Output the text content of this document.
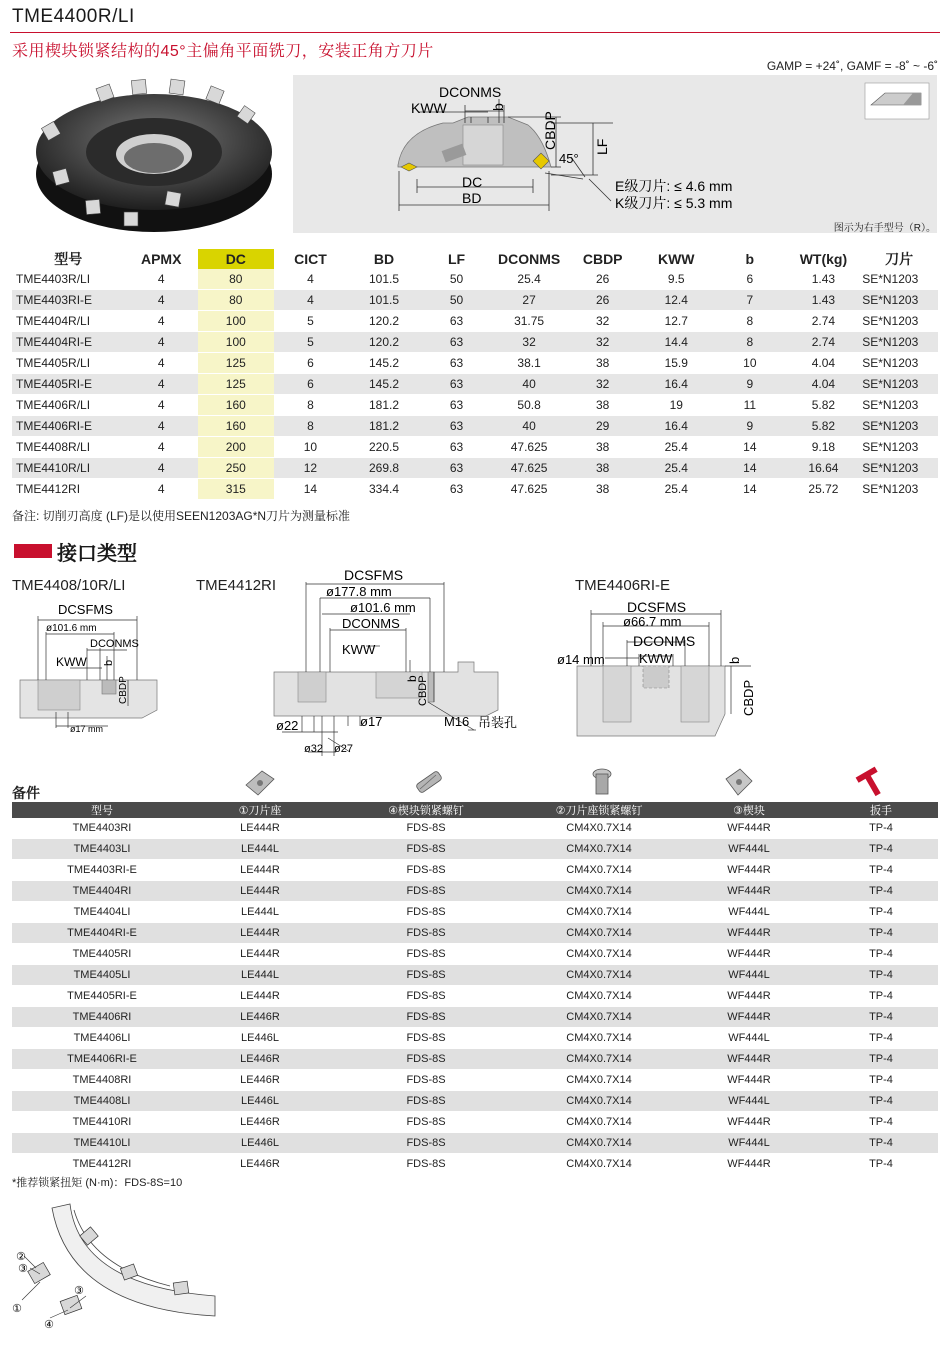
TME4400R/LI
采用楔块锁紧结构的45°主偏角平面铣刀，安装正角方刀片
GAMP = +24˚, GAMF = -8˚ ~ -6˚
DCONMS
KWW	b
CBDP	LF
45°
DC
BD
E级刀片: ≤ 4.6 mm
K级刀片: ≤ 5.3 mm
图示为右手型号（R）。
型号	APMX	DC	CICT	BD	LF	DCONMS	CBDP	KWW	b	WT(kg)	刀片
TME4403R/LI	4	80	4	101.5	50	25.4	26	9.5	6	1.43	SE*N1203
TME4403RI-E	4	80	4	101.5	50	27	26	12.4	7	1.43	SE*N1203
TME4404R/LI	4	100	5	120.2	63	31.75	32	12.7	8	2.74	SE*N1203
TME4404RI-E	4	100	5	120.2	63	32	32	14.4	8	2.74	SE*N1203
TME4405R/LI	4	125	6	145.2	63	38.1	38	15.9	10	4.04	SE*N1203
TME4405RI-E	4	125	6	145.2	63	40	32	16.4	9	4.04	SE*N1203
TME4406R/LI	4	160	8	181.2	63	50.8	38	19	11	5.82	SE*N1203
TME4406RI-E	4	160	8	181.2	63	40	29	16.4	9	5.82	SE*N1203
TME4408R/LI	4	200	10	220.5	63	47.625	38	25.4	14	9.18	SE*N1203
TME4410R/LI	4	250	12	269.8	63	47.625	38	25.4	14	16.64	SE*N1203
TME4412RI	4	315	14	334.4	63	47.625	38	25.4	14	25.72	SE*N1203
备注: 切削刃高度 (LF)是以使用SEEN1203AG*N刀片为测量标准
接口类型
TME4408/10R/LI	TME4412RI	TME4406RI-E
DCSFMS
ø101.6 mm
DCONMS
KWW b
CBDP
ø17 mm
DCSFMS
ø177.8 mm
ø101.6 mm
DCONMS
KWW
b
CBDP
ø22	ø17	M16 吊装孔
ø32 ø27
DCSFMS
ø66.7 mm
DCONMS
ø14 mm	KWW	b
CBDP
备件
型号	①刀片座	④楔块锁紧螺钉	②刀片座锁紧螺钉	③楔块	扳手
TME4403RI	LE444R	FDS-8S	CM4X0.7X14	WF444R	TP-4
TME4403LI	LE444L	FDS-8S	CM4X0.7X14	WF444L	TP-4
TME4403RI-E	LE444R	FDS-8S	CM4X0.7X14	WF444R	TP-4
TME4404RI	LE444R	FDS-8S	CM4X0.7X14	WF444R	TP-4
TME4404LI	LE444L	FDS-8S	CM4X0.7X14	WF444L	TP-4
TME4404RI-E	LE444R	FDS-8S	CM4X0.7X14	WF444R	TP-4
TME4405RI	LE444R	FDS-8S	CM4X0.7X14	WF444R	TP-4
TME4405LI	LE444L	FDS-8S	CM4X0.7X14	WF444L	TP-4
TME4405RI-E	LE444R	FDS-8S	CM4X0.7X14	WF444R	TP-4
TME4406RI	LE446R	FDS-8S	CM4X0.7X14	WF444R	TP-4
TME4406LI	LE446L	FDS-8S	CM4X0.7X14	WF444L	TP-4
TME4406RI-E	LE446R	FDS-8S	CM4X0.7X14	WF444R	TP-4
TME4408RI	LE446R	FDS-8S	CM4X0.7X14	WF444R	TP-4
TME4408LI	LE446L	FDS-8S	CM4X0.7X14	WF444L	TP-4
TME4410RI	LE446R	FDS-8S	CM4X0.7X14	WF444R	TP-4
TME4410LI	LE446L	FDS-8S	CM4X0.7X14	WF444L	TP-4
TME4412RI	LE446R	FDS-8S	CM4X0.7X14	WF444R	TP-4
*推荐锁紧扭矩 (N·m)：FDS-8S=10
②
③
①
④
③
